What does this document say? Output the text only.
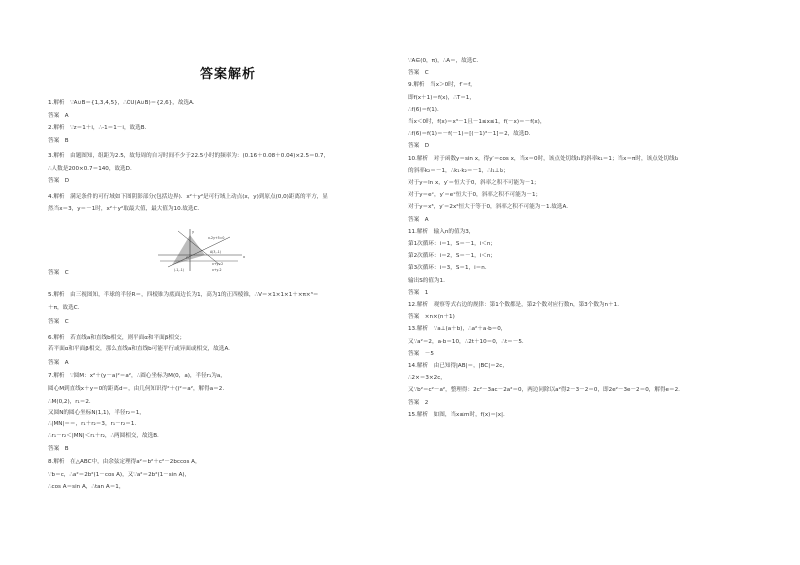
答案解析
1.解析　∵A∪B＝{1,3,4,5}，∴∁U(A∪B)＝{2,6}，故选A.
答案　A
2.解析　∵z＝1＋i，∴-1＝1－i，故选B.
答案　B
3.解析　由题图知，组距为2.5，故每周的自习时间不少于22.5小时的频率为：(0.16＋0.08＋0.04)×2.5＝0.7，
∴人数是200×0.7＝140，故选D.
答案　D
4.解析　满足条件的可行域如下图阴影部分(包括边界)．x²＋y²是可行域上动点(x，y)到原点(0,0)距离的平方，显
然当x＝3，y＝－1时，x²＋y²取最大值，最大值为10.故选C.
答案　C
5.解析　由三视图知，半球的半径R＝，四棱锥为底面边长为1，高为1的正四棱锥，∴V＝×1×1×1＋×π×³＝
＋π，故选C.
答案　C
6.解析　若直线a和直线b相交，则平面α和平面β相交；
若平面α和平面β相交，那么直线a和直线b可能平行或异面或相交，故选A.
答案　A
7.解析　∵圆M：x²＋(y－a)²＝a²，∴圆心坐标为M(0，a)，半径r₁为a，
圆心M到直线x＋y＝0的距离d＝，由几何知识得²＋()²＝a²，解得a＝2.
∴M(0,2)，r₁＝2.
又圆N的圆心坐标N(1,1)，半径r₂＝1，
∴|MN|＝＝，r₁＋r₂＝3，r₁－r₂＝1.
∴r₁－r₂＜|MN|＜r₁＋r₂，∴两圆相交，故选B.
答案　B
8.解析　在△ABC中，由余弦定理得a²＝b²＋c²－2bccos A，
∵b＝c，∴a²＝2b²(1－cos A)，又∵a²＝2b²(1－sin A)，
∴cos A＝sin A，∴tan A＝1，
∵A∈(0，π)，∴A＝，故选C.
答案　C
9.解析　当x＞0时，f′＝f，
即f(x＋1)＝f(x)，∴T＝1，
∴f(6)＝f(1)．
当x＜0时，f(x)＝x³－1且－1≤x≤1，f(－x)＝－f(x)，
∴f(6)＝f(1)＝－f(－1)＝[(－1)³－1]＝2，故选D.
答案　D
10.解析　对于函数y＝sin x，得y′＝cos x，当x＝0时，该点处切线l₁的斜率k₁＝1；当x＝π时，该点处切线l₂
的斜率k₂＝－1，∴k₁·k₂＝－1，∴l₁⊥l₂；
对于y＝ln x，y′＝恒大于0，斜率之积不可能为－1；
对于y＝eˣ，y′＝eˣ恒大于0，斜率之积不可能为－1；
对于y＝x³，y′＝2x²恒大于等于0，斜率之积不可能为－1.故选A.
答案　A
11.解析　输入n的值为3，
第1次循环：i＝1，S＝－1，i＜n；
第2次循环：i＝2，S＝－1，i＜n；
第3次循环：i＝3，S＝1，i＝n.
输出S的值为1.
答案　1
12.解析　观察等式右边的规律：第1个数都是，第2个数对应行数n，第3个数为n＋1.
答案　×n×(n＋1)
13.解析　∵a⊥(a＋b)，∴a²＋a·b＝0，
又∵a²＝2，a·b＝10，∴2t＋10＝0，∴t＝－5.
答案　－5
14.解析　由已知得|AB|＝，|BC|＝2c，
∴2×＝3×2c，
又∵b²＝c²－a²，整理得：2c²－3ac－2a²＝0，两边同除以a²得2－3－2＝0，即2e²－3e－2＝0，解得e＝2.
答案　2
15.解析　如图，当x≤m时，f(x)＝|x|.
y
x
O
x-2y+5=0
A(3,-1)
x+y=2
(-1,-1)	x+y-2
